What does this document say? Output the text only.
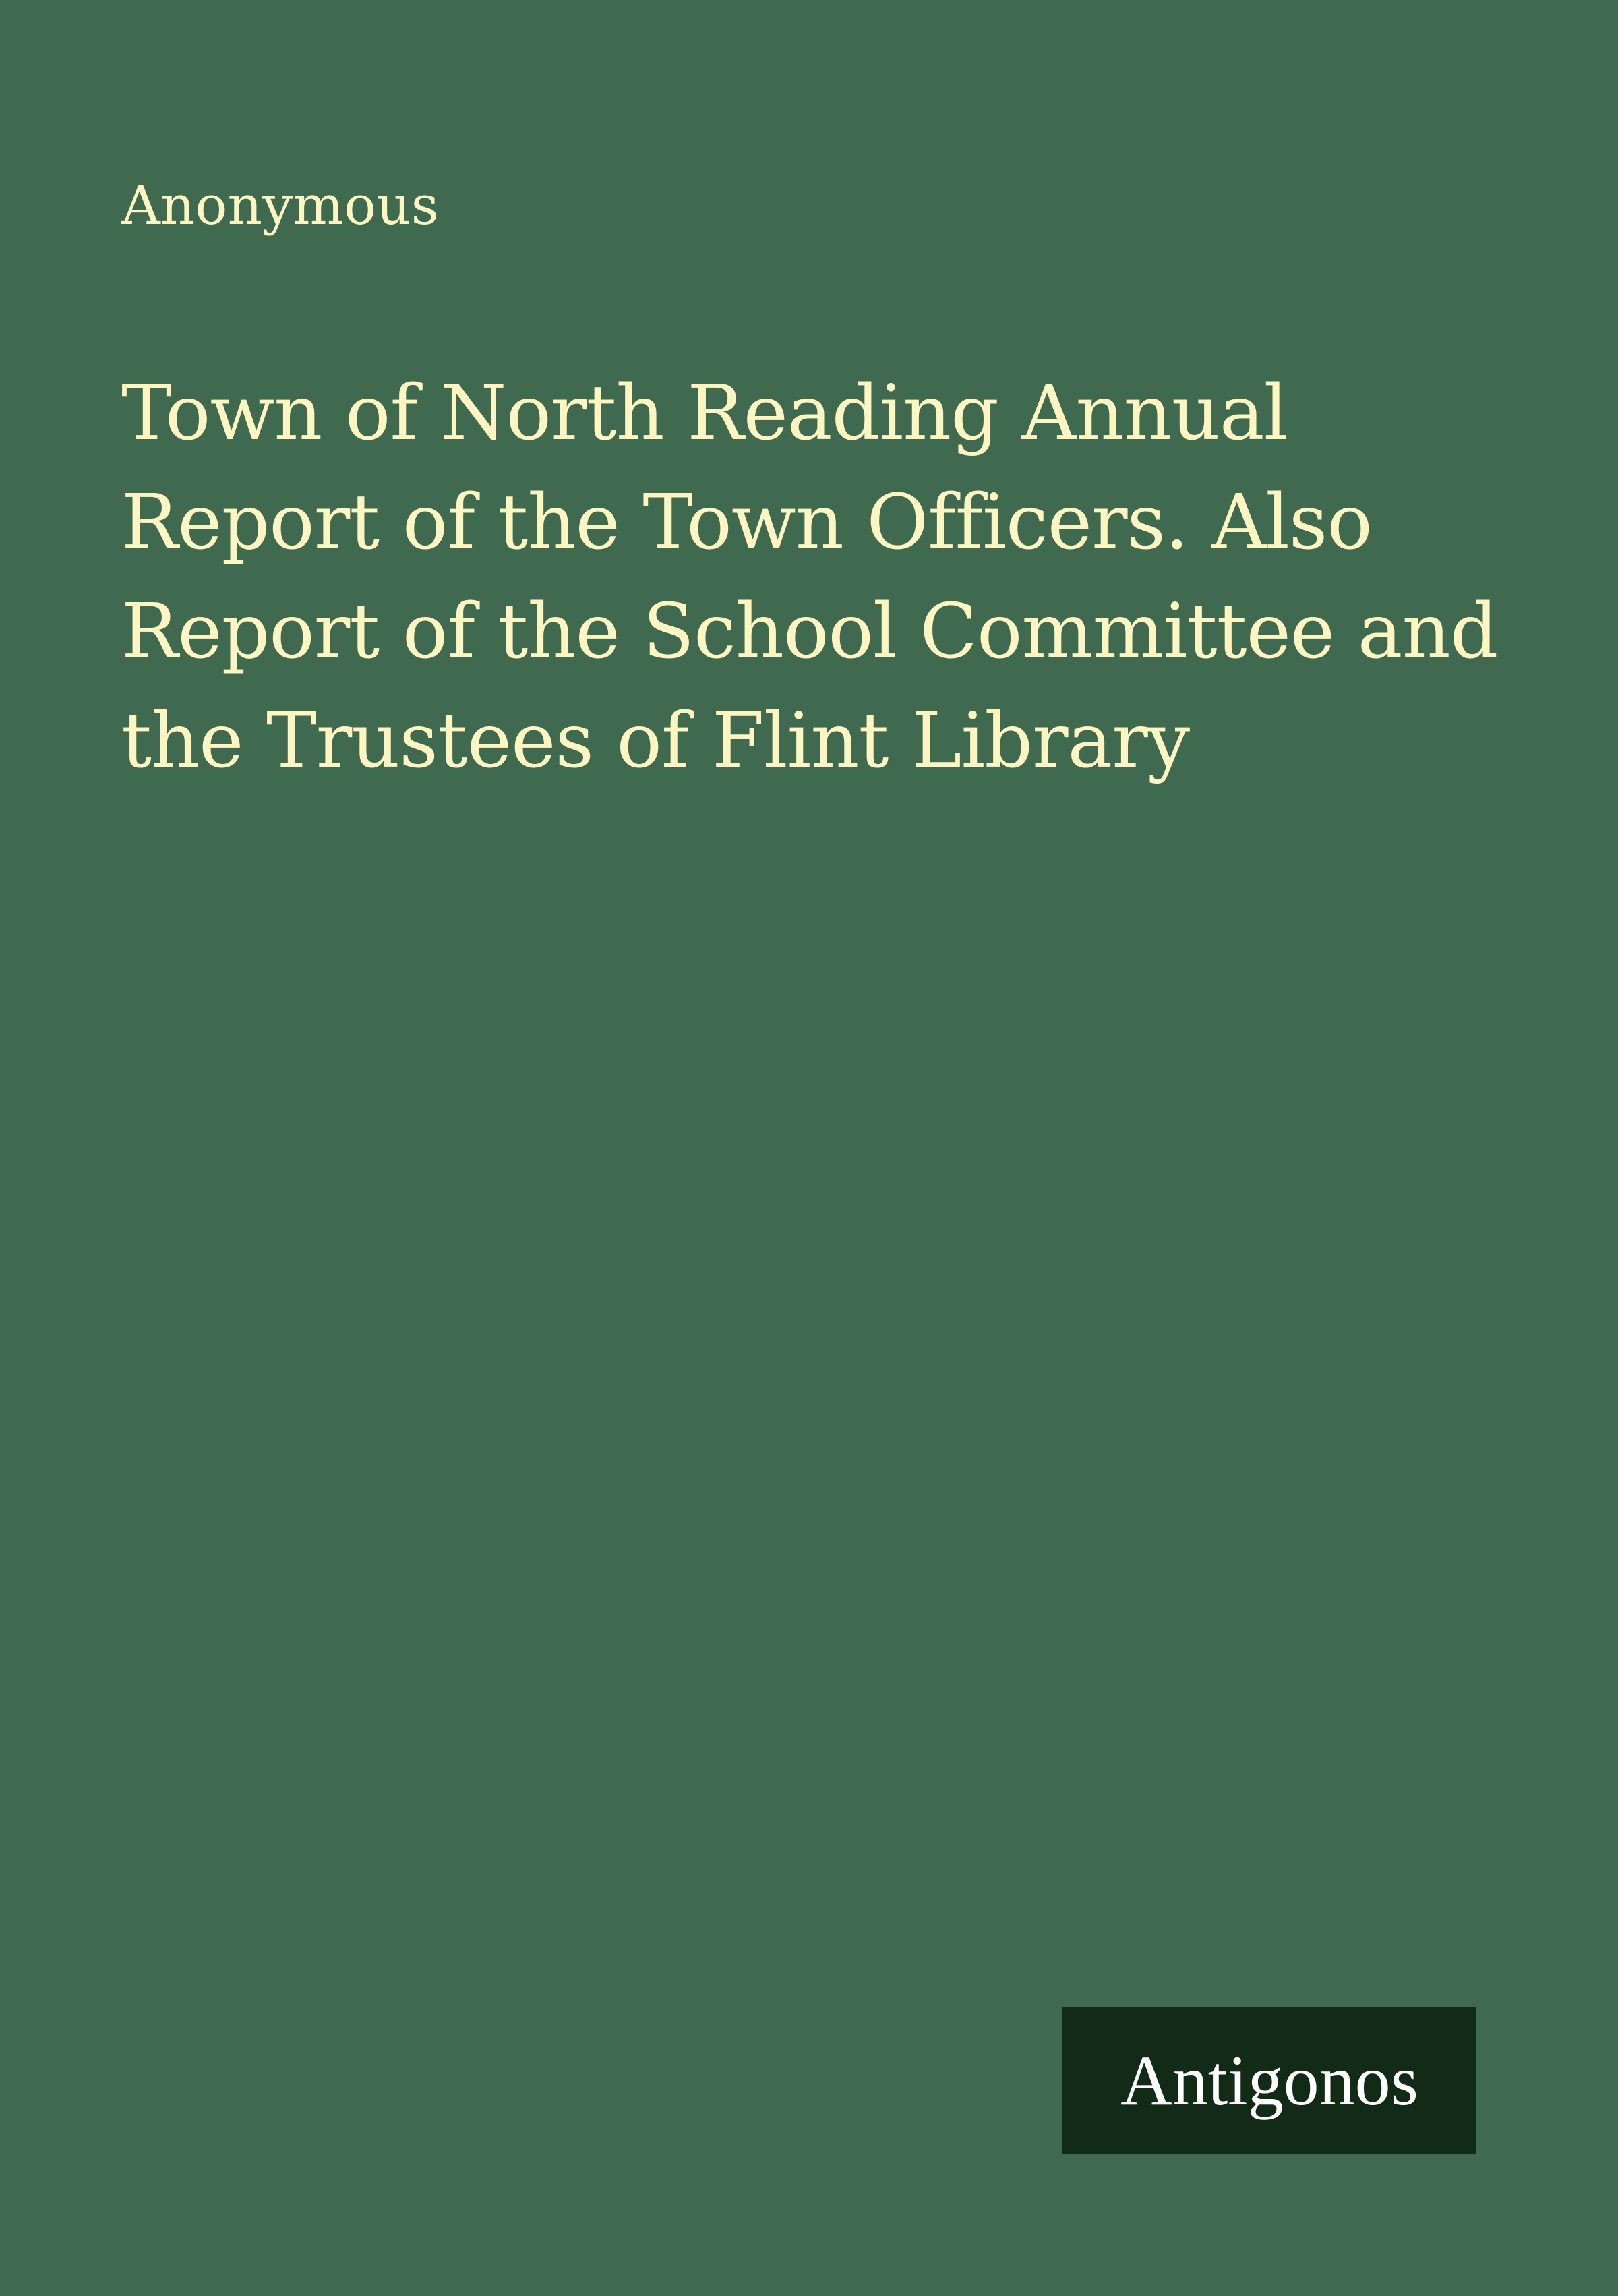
Anonymous
Town of North Reading Annual Report of the Town Officers. Also Report of the School Committee and the Trustees of Flint Library
Antigonos
